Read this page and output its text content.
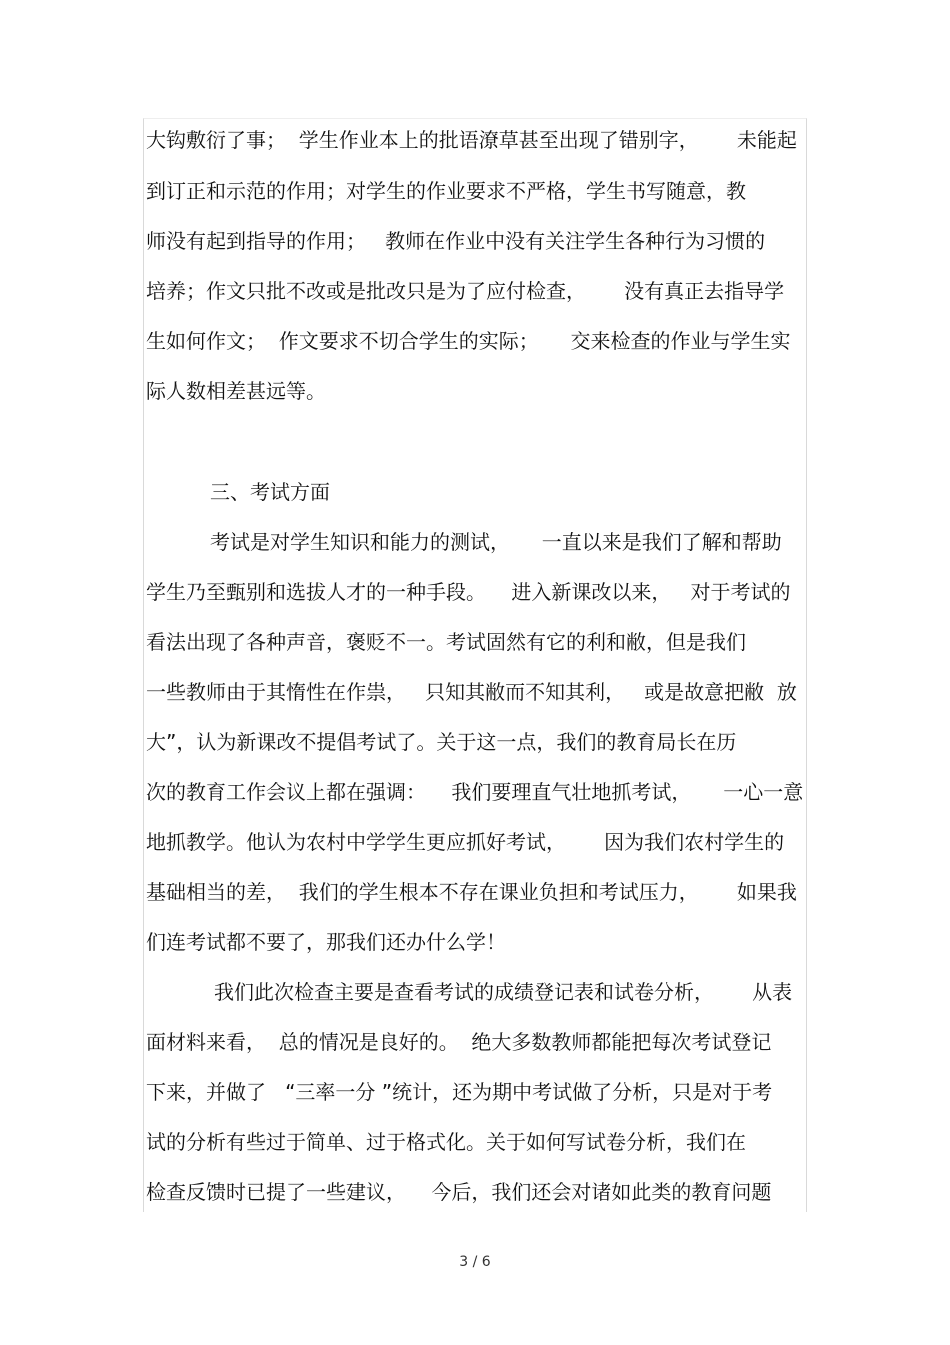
大钩敷衍了事；  学生作业本上的批语潦草甚至出现了错别字，      未能起
到订正和示范的作用；对学生的作业要求不严格，学生书写随意，教
师没有起到指导的作用；   教师在作业中没有关注学生各种行为习惯的
培养；作文只批不改或是批改只是为了应付检查，      没有真正去指导学
生如何作文；  作文要求不切合学生的实际；     交来检查的作业与学生实
际人数相差甚远等。
三、考试方面
考试是对学生知识和能力的测试，     一直以来是我们了解和帮助
学生乃至甄别和选拔人才的一种手段。    进入新课改以来，   对于考试的
看法出现了各种声音，褒贬不一。考试固然有它的利和敝，但是我们
一些教师由于其惰性在作祟，   只知其敝而不知其利，   或是故意把敝  放
大”，认为新课改不提倡考试了。关于这一点，我们的教育局长在历
次的教育工作会议上都在强调：    我们要理直气壮地抓考试，     一心一意
地抓教学。他认为农村中学学生更应抓好考试，      因为我们农村学生的
基础相当的差，  我们的学生根本不存在课业负担和考试压力，      如果我
们连考试都不要了，那我们还办什么学！
我们此次检查主要是查看考试的成绩登记表和试卷分析，      从表
面材料来看，  总的情况是良好的。  绝大多数教师都能把每次考试登记
下来，并做了   “三率一分 ”统计，还为期中考试做了分析，只是对于考
试的分析有些过于简单、过于格式化。关于如何写试卷分析，我们在
检查反馈时已提了一些建议，    今后，我们还会对诸如此类的教育问题
3 / 6
